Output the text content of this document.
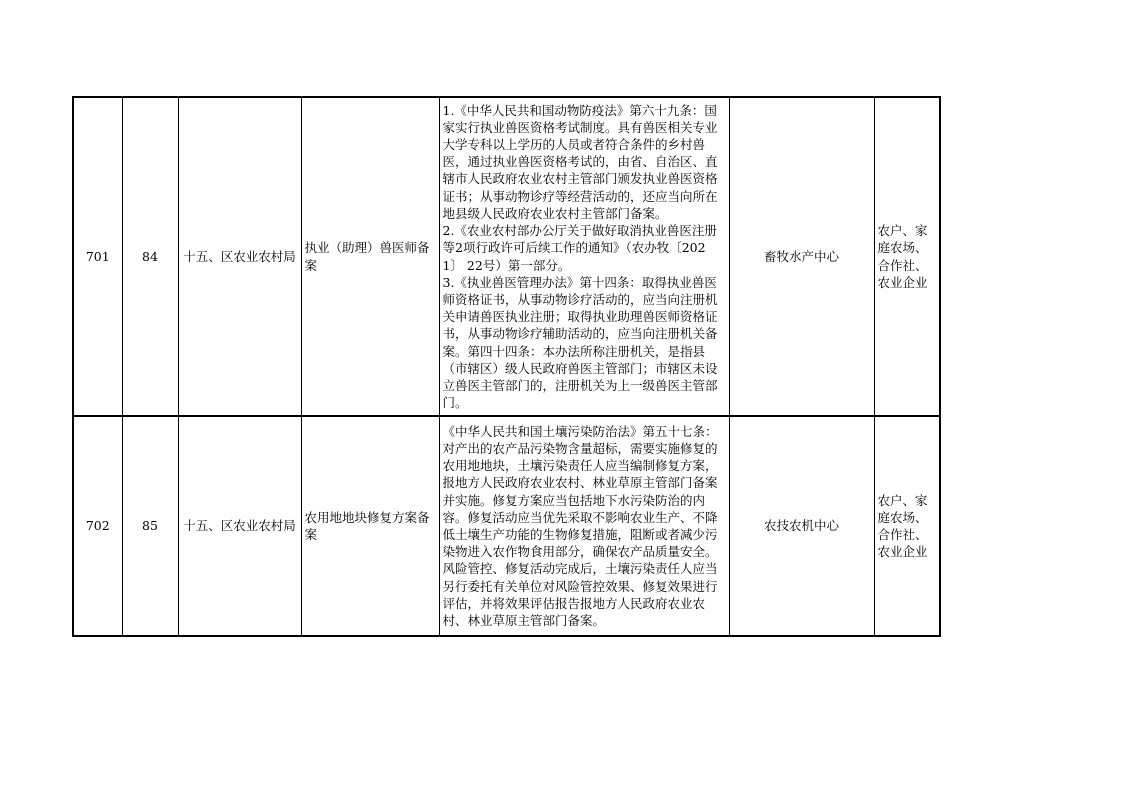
701	84	十五、区农业农村局	执业（助理）兽医师备案	1.《中华人民共和国动物防疫法》第六十九条：国家实行执业兽医资格考试制度。具有兽医相关专业大学专科以上学历的人员或者符合条件的乡村兽医，通过执业兽医资格考试的，由省、自治区、直辖市人民政府农业农村主管部门颁发执业兽医资格证书；从事动物诊疗等经营活动的，还应当向所在地县级人民政府农业农村主管部门备案。
2.《农业农村部办公厅关于做好取消执业兽医注册等2项行政许可后续工作的通知》（农办牧〔2021〕 22号）第一部分。
3.《执业兽医管理办法》第十四条：取得执业兽医师资格证书，从事动物诊疗活动的，应当向注册机关申请兽医执业注册；取得执业助理兽医师资格证书，从事动物诊疗辅助活动的，应当向注册机关备案。第四十四条：本办法所称注册机关，是指县（市辖区）级人民政府兽医主管部门；市辖区未设立兽医主管部门的，注册机关为上一级兽医主管部门。	畜牧水产中心	农户、家庭农场、合作社、农业企业
702	85	十五、区农业农村局	农用地地块修复方案备案	《中华人民共和国土壤污染防治法》第五十七条：对产出的农产品污染物含量超标，需要实施修复的农用地地块，土壤污染责任人应当编制修复方案，报地方人民政府农业农村、林业草原主管部门备案并实施。修复方案应当包括地下水污染防治的内容。修复活动应当优先采取不影响农业生产、不降低土壤生产功能的生物修复措施，阻断或者减少污染物进入农作物食用部分，确保农产品质量安全。风险管控、修复活动完成后，土壤污染责任人应当另行委托有关单位对风险管控效果、修复效果进行评估，并将效果评估报告报地方人民政府农业农村、林业草原主管部门备案。	农技农机中心	农户、家庭农场、合作社、农业企业
